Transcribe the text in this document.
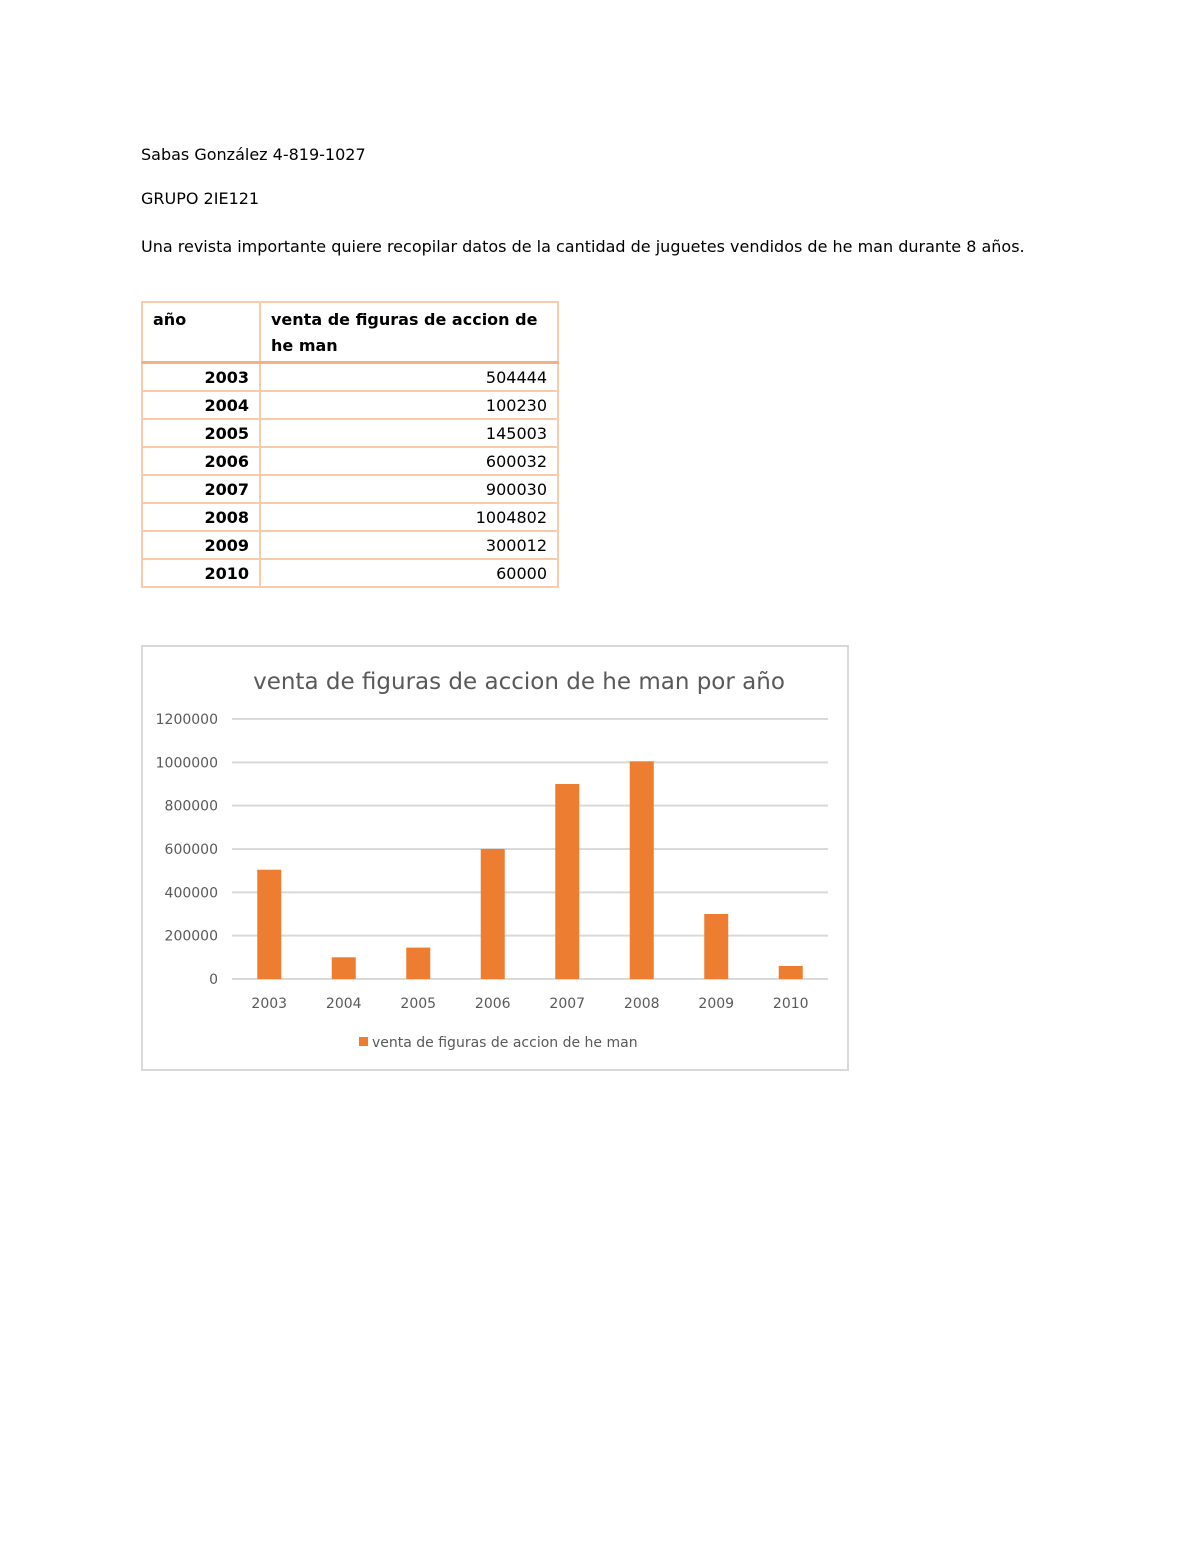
Sabas González 4-819-1027
GRUPO 2IE121
Una revista importante quiere recopilar datos de la cantidad de juguetes vendidos de he man durante 8 años.
año	venta de figuras de accion de he man
2003	504444
2004	100230
2005	145003
2006	600032
2007	900030
2008	1004802
2009	300012
2010	60000
venta de figuras de accion de he man por año
0
200000
400000
600000
800000
1000000
1200000
2003	2004	2005	2006	2007	2008	2009	2010
venta de figuras de accion de he man
